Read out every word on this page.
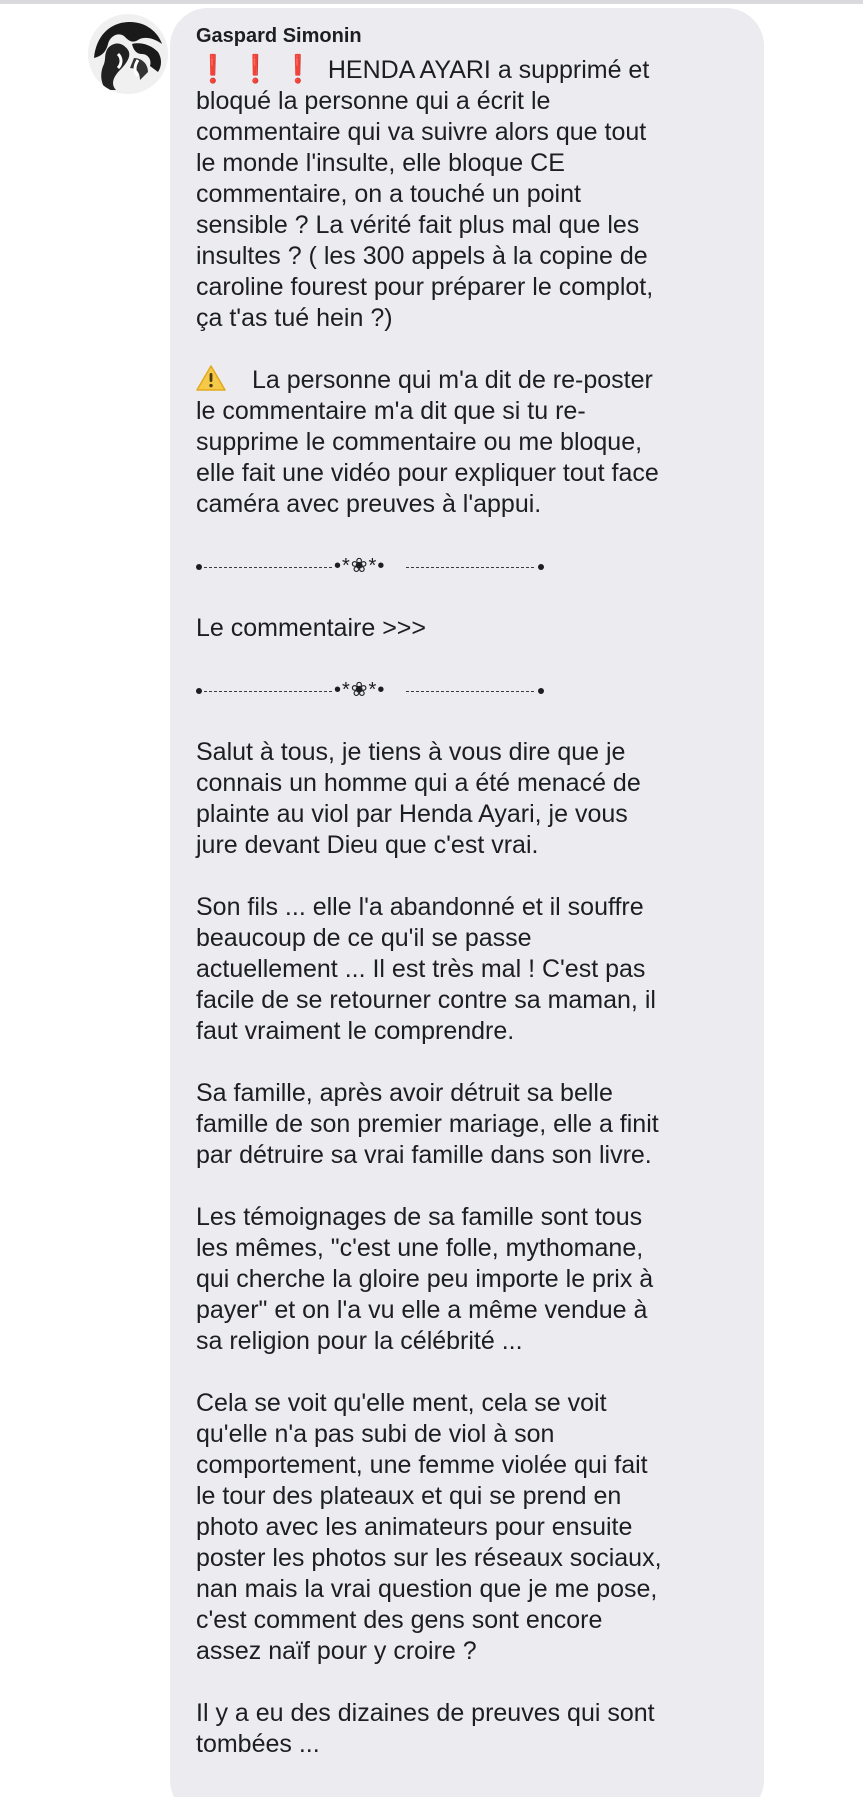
Gaspard Simonin

❗❗❗ HENDA AYARI a supprimé et
bloqué la personne qui a écrit le
commentaire qui va suivre alors que tout
le monde l'insulte, elle bloque CE
commentaire, on a touché un point
sensible ? La vérité fait plus mal que les
insultes ? ( les 300 appels à la copine de
caroline fourest pour préparer le complot,
ça t'as tué hein ?)

La personne qui m'a dit de re-poster
le commentaire m'a dit que si tu re-
supprime le commentaire ou me bloque,
elle fait une vidéo pour expliquer tout face
caméra avec preuves à l'appui.

•*❀*•

Le commentaire >>>

•*❀*•

Salut à tous, je tiens à vous dire que je
connais un homme qui a été menacé de
plainte au viol par Henda Ayari, je vous
jure devant Dieu que c'est vrai.

Son fils ... elle l'a abandonné et il souffre
beaucoup de ce qu'il se passe
actuellement ... Il est très mal ! C'est pas
facile de se retourner contre sa maman, il
faut vraiment le comprendre.

Sa famille, après avoir détruit sa belle
famille de son premier mariage, elle a finit
par détruire sa vrai famille dans son livre.

Les témoignages de sa famille sont tous
les mêmes, "c'est une folle, mythomane,
qui cherche la gloire peu importe le prix à
payer" et on l'a vu elle a même vendue à
sa religion pour la célébrité ...

Cela se voit qu'elle ment, cela se voit
qu'elle n'a pas subi de viol à son
comportement, une femme violée qui fait
le tour des plateaux et qui se prend en
photo avec les animateurs pour ensuite
poster les photos sur les réseaux sociaux,
nan mais la vrai question que je me pose,
c'est comment des gens sont encore
assez naïf pour y croire ?

Il y a eu des dizaines de preuves qui sont
tombées ...
